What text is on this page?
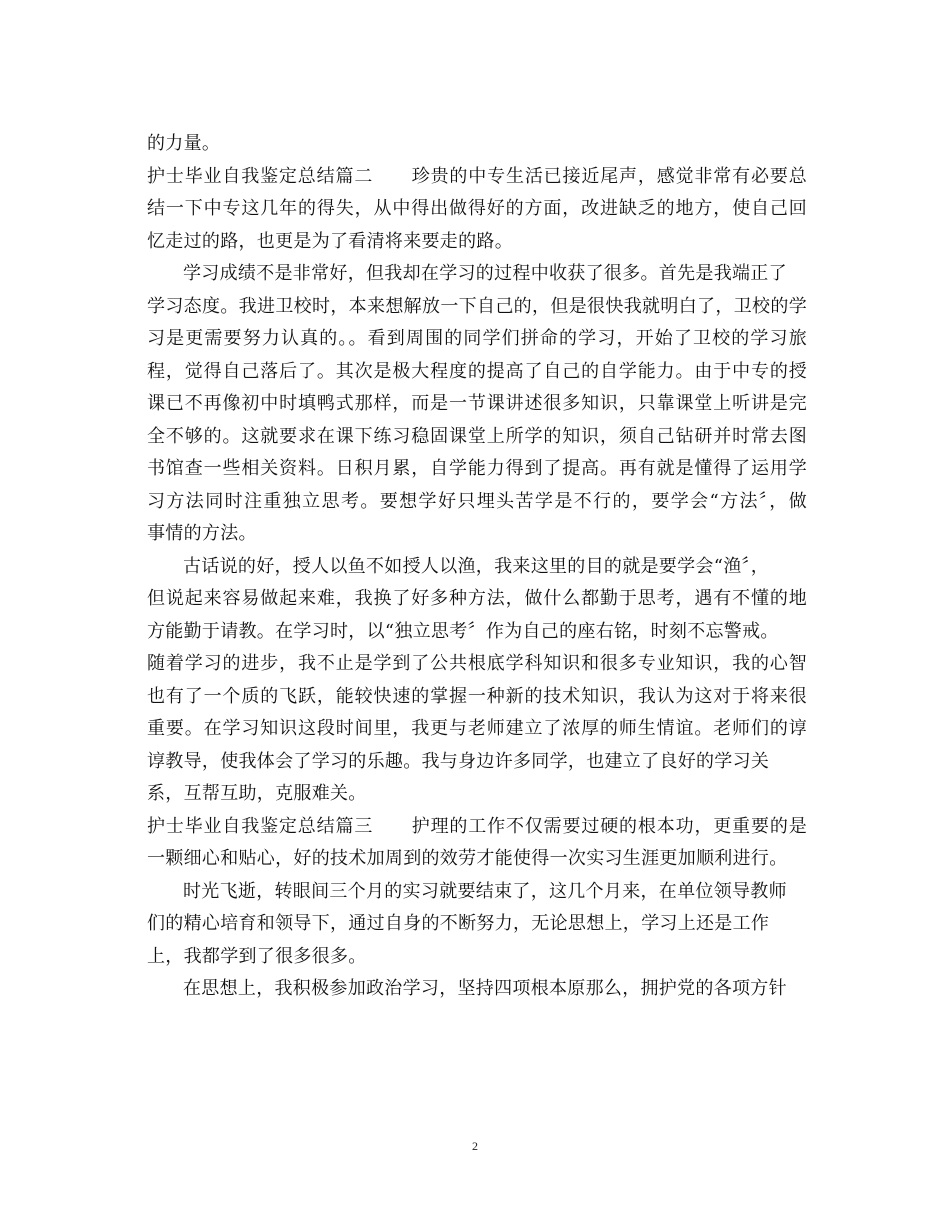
的力量。
护士毕业自我鉴定总结篇二 珍贵的中专生活已接近尾声，感觉非常有必要总
结一下中专这几年的得失，从中得出做得好的方面，改进缺乏的地方，使自己回
忆走过的路，也更是为了看清将来要走的路。
学习成绩不是非常好，但我却在学习的过程中收获了很多。首先是我端正了
学习态度。我进卫校时，本来想解放一下自己的，但是很快我就明白了，卫校的学
习是更需要努力认真的。。看到周围的同学们拼命的学习，开始了卫校的学习旅
程，觉得自己落后了。其次是极大程度的提高了自己的自学能力。由于中专的授
课已不再像初中时填鸭式那样，而是一节课讲述很多知识，只靠课堂上听讲是完
全不够的。这就要求在课下练习稳固课堂上所学的知识，须自己钻研并时常去图
书馆查一些相关资料。日积月累，自学能力得到了提高。再有就是懂得了运用学
习方法同时注重独立思考。要想学好只埋头苦学是不行的，要学会“方法〞，做
事情的方法。
古话说的好，授人以鱼不如授人以渔，我来这里的目的就是要学会“渔〞，
但说起来容易做起来难，我换了好多种方法，做什么都勤于思考，遇有不懂的地
方能勤于请教。在学习时，以“独立思考〞作为自己的座右铭，时刻不忘警戒。
随着学习的进步，我不止是学到了公共根底学科知识和很多专业知识，我的心智
也有了一个质的飞跃，能较快速的掌握一种新的技术知识，我认为这对于将来很
重要。在学习知识这段时间里，我更与老师建立了浓厚的师生情谊。老师们的谆
谆教导，使我体会了学习的乐趣。我与身边许多同学，也建立了良好的学习关
系，互帮互助，克服难关。
护士毕业自我鉴定总结篇三 护理的工作不仅需要过硬的根本功，更重要的是
一颗细心和贴心，好的技术加周到的效劳才能使得一次实习生涯更加顺利进行。
时光飞逝，转眼间三个月的实习就要结束了，这几个月来，在单位领导教师
们的精心培育和领导下，通过自身的不断努力，无论思想上，学习上还是工作
上，我都学到了很多很多。
在思想上，我积极参加政治学习，坚持四项根本原那么，拥护党的各项方针
2
